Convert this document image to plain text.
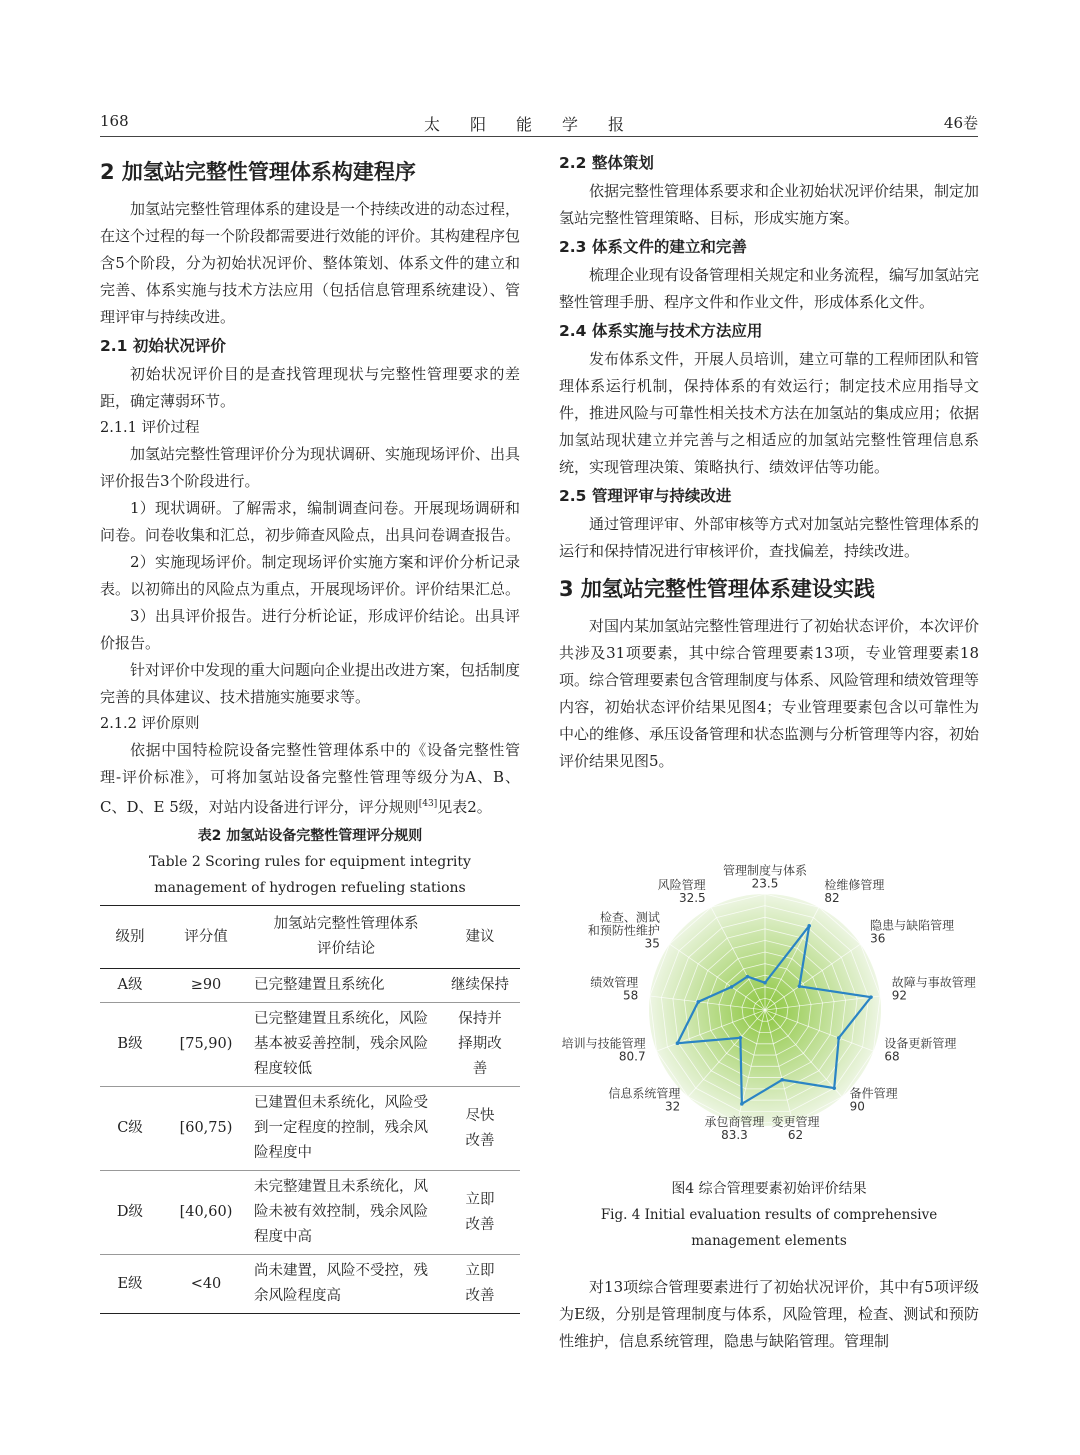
168	太阳能学报	46卷
2 加氢站完整性管理体系构建程序

加氢站完整性管理体系的建设是一个持续改进的动态过程，在这个过程的每一个阶段都需要进行效能的评价。其构建程序包含5个阶段，分为初始状况评价、整体策划、体系文件的建立和完善、体系实施与技术方法应用（包括信息管理系统建设）、管理评审与持续改进。

2.1 初始状况评价

初始状况评价目的是查找管理现状与完整性管理要求的差距，确定薄弱环节。

2.1.1 评价过程

加氢站完整性管理评价分为现状调研、实施现场评价、出具评价报告3个阶段进行。

1）现状调研。了解需求，编制调查问卷。开展现场调研和问卷。问卷收集和汇总，初步筛查风险点，出具问卷调查报告。

2）实施现场评价。制定现场评价实施方案和评价分析记录表。以初筛出的风险点为重点，开展现场评价。评价结果汇总。

3）出具评价报告。进行分析论证，形成评价结论。出具评价报告。

针对评价中发现的重大问题向企业提出改进方案，包括制度完善的具体建议、技术措施实施要求等。

2.1.2 评价原则

依据中国特检院设备完整性管理体系中的《设备完整性管理-评价标准》，可将加氢站设备完整性管理等级分为A、B、C、D、E 5级，对站内设备进行评分，评分规则[43]见表2。

表2 加氢站设备完整性管理评分规则
Table 2 Scoring rules for equipment integrity management of hydrogen refueling stations
级别	评分值	加氢站完整性管理体系评价结论	建议
A级	≥90	已完整建置且系统化	继续保持
B级	[75,90)	已完整建置且系统化，风险基本被妥善控制，残余风险程度较低	保持并择期改善
C级	[60,75)	已建置但未系统化，风险受到一定程度的控制，残余风险程度中	尽快改善
D级	[40,60)	未完整建置且未系统化，风险未被有效控制，残余风险程度中高	立即改善
E级	<40	尚未建置，风险不受控，残余风险程度高	立即改善
2.2 整体策划

依据完整性管理体系要求和企业初始状况评价结果，制定加氢站完整性管理策略、目标，形成实施方案。

2.3 体系文件的建立和完善

梳理企业现有设备管理相关规定和业务流程，编写加氢站完整性管理手册、程序文件和作业文件，形成体系化文件。

2.4 体系实施与技术方法应用

发布体系文件，开展人员培训，建立可靠的工程师团队和管理体系运行机制，保持体系的有效运行；制定技术应用指导文件，推进风险与可靠性相关技术方法在加氢站的集成应用；依据加氢站现状建立并完善与之相适应的加氢站完整性管理信息系统，实现管理决策、策略执行、绩效评估等功能。

2.5 管理评审与持续改进

通过管理评审、外部审核等方式对加氢站完整性管理体系的运行和保持情况进行审核评价，查找偏差，持续改进。

3 加氢站完整性管理体系建设实践

对国内某加氢站完整性管理进行了初始状态评价，本次评价共涉及31项要素，其中综合管理要素13项，专业管理要素18项。综合管理要素包含管理制度与体系、风险管理和绩效管理等内容，初始状态评价结果见图4；专业管理要素包含以可靠性为中心的维修、承压设备管理和状态监测与分析管理等内容，初始评价结果见图5。

管理制度与体系
23.5	检维修管理
82
隐患与缺陷管理
36
故障与事故管理
92
设备更新管理
68
备件管理
90
变更管理
62
承包商管理
83.3
信息系统管理
32
培训与技能管理
80.7
绩效管理
58
检查、测试和预防性维护
35
风险管理
32.5
图4 综合管理要素初始评价结果
Fig. 4 Initial evaluation results of comprehensive management elements

对13项综合管理要素进行了初始状况评价，其中有5项评级为E级，分别是管理制度与体系，风险管理，检查、测试和预防性维护，信息系统管理，隐患与缺陷管理。管理制
